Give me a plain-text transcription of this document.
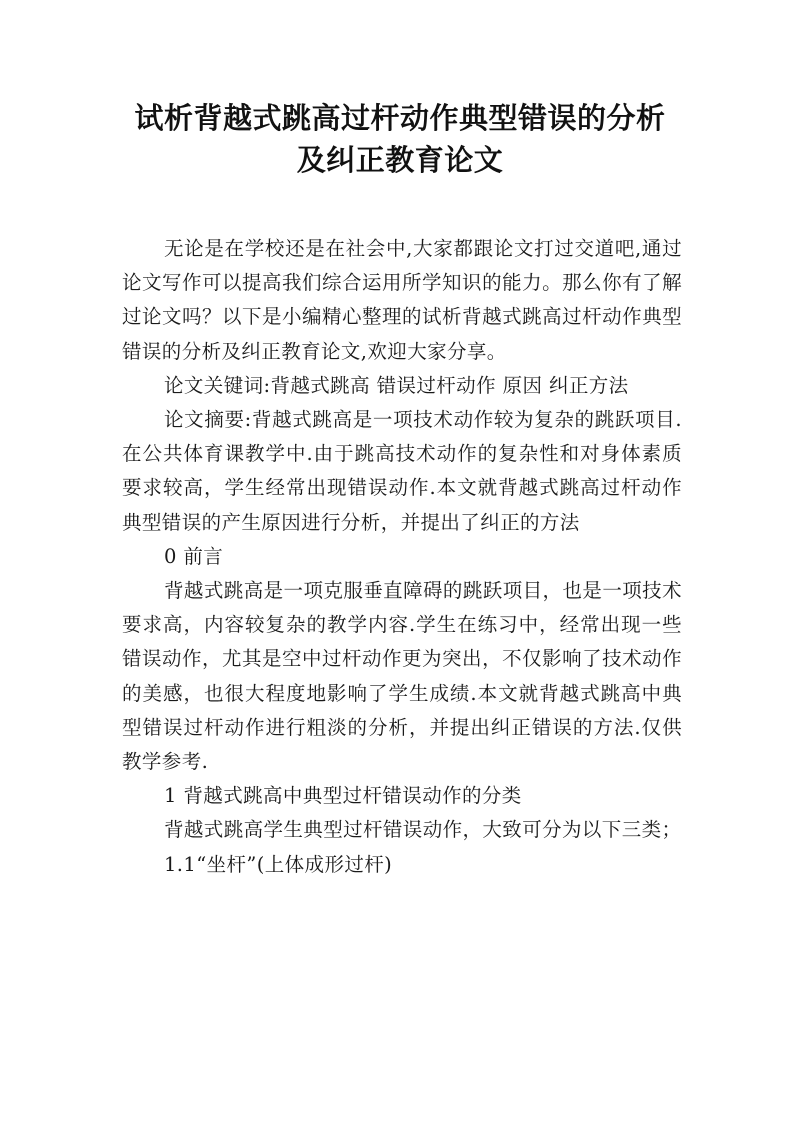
试析背越式跳高过杆动作典型错误的分析
及纠正教育论文

无论是在学校还是在社会中,大家都跟论文打过交道吧,通过论文写作可以提高我们综合运用所学知识的能力。那么你有了解过论文吗？以下是小编精心整理的试析背越式跳高过杆动作典型错误的分析及纠正教育论文,欢迎大家分享。

论文关键词:背越式跳高 错误过杆动作 原因 纠正方法

论文摘要:背越式跳高是一项技术动作较为复杂的跳跃项目.在公共体育课教学中.由于跳高技术动作的复杂性和对身体素质要求较高，学生经常出现错误动作.本文就背越式跳高过杆动作典型错误的产生原因进行分析，并提出了纠正的方法

0 前言

背越式跳高是一项克服垂直障碍的跳跃项目，也是一项技术要求高，内容较复杂的教学内容.学生在练习中，经常出现一些错误动作，尤其是空中过杆动作更为突出，不仅影响了技术动作的美感，也很大程度地影响了学生成绩.本文就背越式跳高中典型错误过杆动作进行粗淡的分析，并提出纠正错误的方法.仅供教学参考.

1 背越式跳高中典型过杆错误动作的分类

背越式跳高学生典型过杆错误动作，大致可分为以下三类；

1.1“坐杆”(上体成形过杆)
